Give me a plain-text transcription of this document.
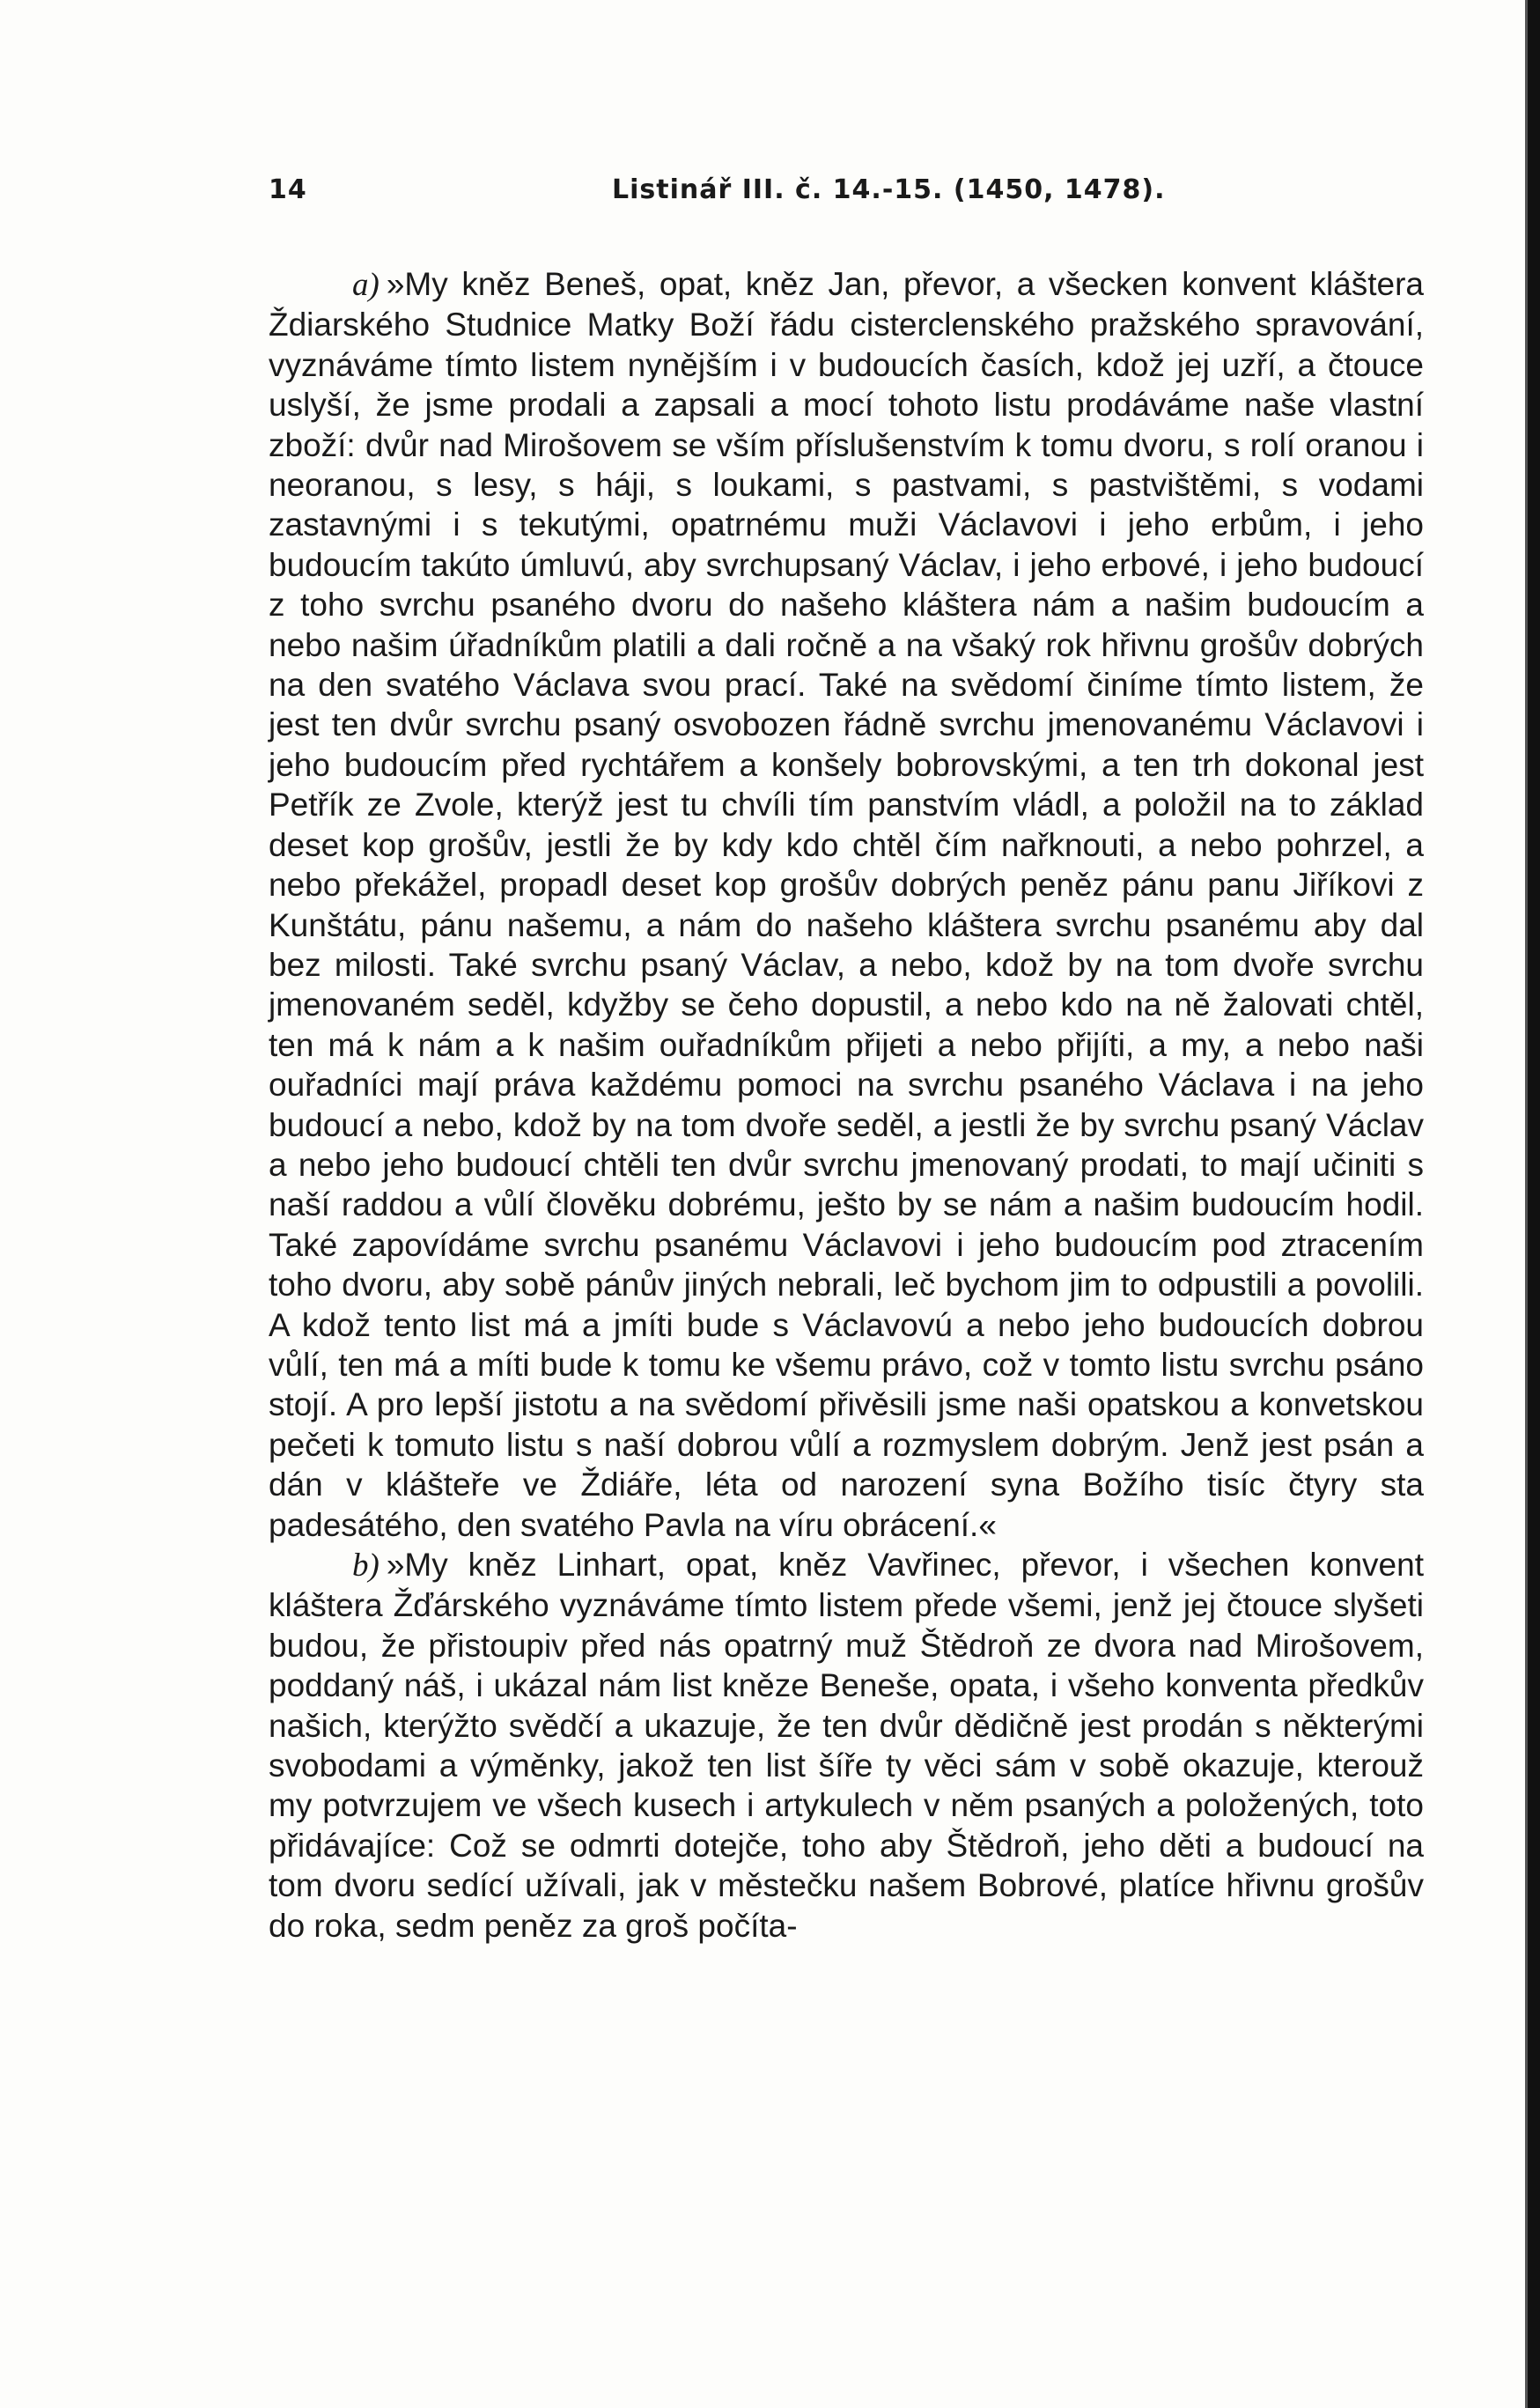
14	Listinář III. č. 14.-15. (1450, 1478).

a) »My kněz Beneš, opat, kněz Jan, převor, a všecken konvent kláštera Ždiarského Studnice Matky Boží řádu cisterclenského pražského spravování, vyznáváme tímto listem nynějším i v budoucích časích, kdož jej uzří, a čtouce uslyší, že jsme prodali a zapsali a mocí tohoto listu prodáváme naše vlastní zboží: dvůr nad Mirošovem se vším příslušenstvím k tomu dvoru, s rolí oranou i neoranou, s lesy, s háji, s loukami, s pastvami, s pastvištěmi, s vodami zastavnými i s tekutými, opatrnému muži Václavovi i jeho erbům, i jeho budoucím takúto úmluvú, aby svrchupsaný Václav, i jeho erbové, i jeho budoucí z toho svrchu psaného dvoru do našeho kláštera nám a našim budoucím a nebo našim úřadníkům platili a dali ročně a na všaký rok hřivnu grošův dobrých na den svatého Václava svou prací. Také na svědomí činíme tímto listem, že jest ten dvůr svrchu psaný osvobozen řádně svrchu jmenovanému Václavovi i jeho budoucím před rychtářem a konšely bobrovskými, a ten trh dokonal jest Petřík ze Zvole, kterýž jest tu chvíli tím panstvím vládl, a položil na to základ deset kop grošův, jestli že by kdy kdo chtěl čím nařknouti, a nebo pohrzel, a nebo překážel, propadl deset kop grošův dobrých peněz pánu panu Jiříkovi z Kunštátu, pánu našemu, a nám do našeho kláštera svrchu psanému aby dal bez milosti. Také svrchu psaný Václav, a nebo, kdož by na tom dvoře svrchu jmenovaném seděl, kdyžby se čeho dopustil, a nebo kdo na ně žalovati chtěl, ten má k nám a k našim ouřadníkům přijeti a nebo přijíti, a my, a nebo naši ouřadníci mají práva každému pomoci na svrchu psaného Václava i na jeho budoucí a nebo, kdož by na tom dvoře seděl, a jestli že by svrchu psaný Václav a nebo jeho budoucí chtěli ten dvůr svrchu jmenovaný prodati, to mají učiniti s naší raddou a vůlí člověku dobrému, ješto by se nám a našim budoucím hodil. Také zapovídáme svrchu psanému Václavovi i jeho budoucím pod ztracením toho dvoru, aby sobě pánův jiných nebrali, leč bychom jim to odpustili a povolili. A kdož tento list má a jmíti bude s Václavovú a nebo jeho budoucích dobrou vůlí, ten má a míti bude k tomu ke všemu právo, což v tomto listu svrchu psáno stojí. A pro lepší jistotu a na svědomí přivěsili jsme naši opatskou a konvetskou pečeti k tomuto listu s naší dobrou vůlí a rozmyslem dobrým. Jenž jest psán a dán v klášteře ve Ždiáře, léta od narození syna Božího tisíc čtyry sta padesátého, den svatého Pavla na víru obrácení.«

b) »My kněz Linhart, opat, kněz Vavřinec, převor, i všechen konvent kláštera Žďárského vyznáváme tímto listem přede všemi, jenž jej čtouce slyšeti budou, že přistoupiv před nás opatrný muž Štědroň ze dvora nad Mirošovem, poddaný náš, i ukázal nám list kněze Beneše, opata, i všeho konventa předkův našich, kterýžto svědčí a ukazuje, že ten dvůr dědičně jest prodán s některými svobodami a výměnky, jakož ten list šíře ty věci sám v sobě okazuje, kterouž my potvrzujem ve všech kusech i artykulech v něm psaných a položených, toto přidávajíce: Což se odmrti dotejče, toho aby Štědroň, jeho děti a budoucí na tom dvoru sedící užívali, jak v městečku našem Bobrové, platíce hřivnu grošův do roka, sedm peněz za groš počíta-
